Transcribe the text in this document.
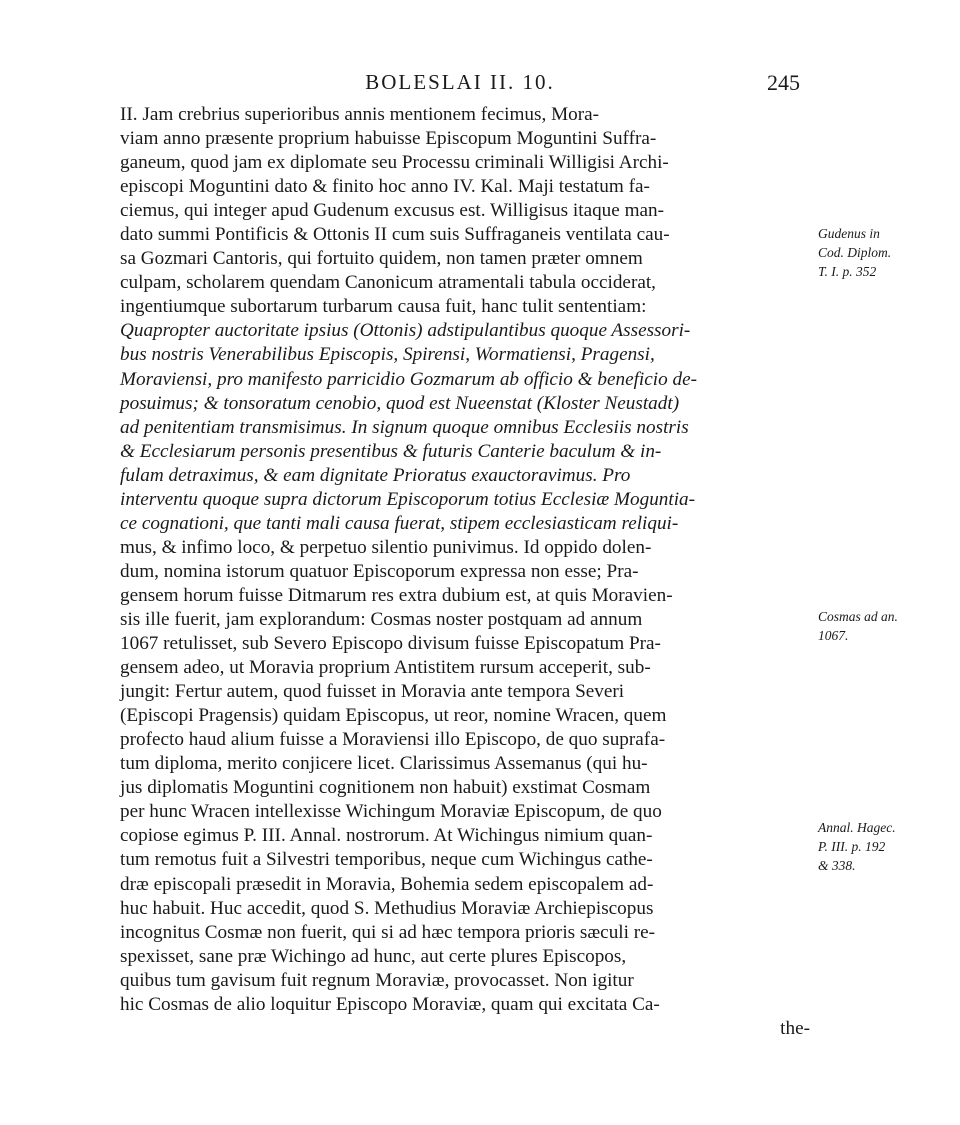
BOLESLAI II. 10.	245
II. Jam crebrius superioribus annis mentionem fecimus, Mora-
viam anno præsente proprium habuisse Episcopum Moguntini Suffra-
ganeum, quod jam ex diplomate seu Processu criminali Willigisi Archi-
episcopi Moguntini dato & finito hoc anno IV. Kal. Maji testatum fa-
ciemus, qui integer apud Gudenum excusus est. Willigisus itaque man-
dato summi Pontificis & Ottonis II cum suis Suffraganeis ventilata cau-
sa Gozmari Cantoris, qui fortuito quidem, non tamen præter omnem
culpam, scholarem quendam Canonicum atramentali tabula occiderat,
ingentiumque subortarum turbarum causa fuit, hanc tulit sententiam:
Quapropter auctoritate ipsius (Ottonis) adstipulantibus quoque Assessori-
bus nostris Venerabilibus Episcopis, Spirensi, Wormatiensi, Pragensi,
Moraviensi, pro manifesto parricidio Gozmarum ab officio & beneficio de-
posuimus; & tonsoratum cenobio, quod est Nueenstat (Kloster Neustadt)
ad penitentiam transmisimus. In signum quoque omnibus Ecclesiis nostris
& Ecclesiarum personis presentibus & futuris Canterie baculum & in-
fulam detraximus, & eam dignitate Prioratus exauctoravimus. Pro
interventu quoque supra dictorum Episcoporum totius Ecclesiæ Moguntia-
ce cognationi, que tanti mali causa fuerat, stipem ecclesiasticam reliqui-
mus, & infimo loco, & perpetuo silentio punivimus. Id oppido dolen-
dum, nomina istorum quatuor Episcoporum expressa non esse; Pra-
gensem horum fuisse Ditmarum res extra dubium est, at quis Moravien-
sis ille fuerit, jam explorandum: Cosmas noster postquam ad annum
1067 retulisset, sub Severo Episcopo divisum fuisse Episcopatum Pra-
gensem adeo, ut Moravia proprium Antistitem rursum acceperit, sub-
jungit: Fertur autem, quod fuisset in Moravia ante tempora Severi
(Episcopi Pragensis) quidam Episcopus, ut reor, nomine Wracen, quem
profecto haud alium fuisse a Moraviensi illo Episcopo, de quo suprafa-
tum diploma, merito conjicere licet. Clarissimus Assemanus (qui hu-
jus diplomatis Moguntini cognitionem non habuit) exstimat Cosmam
per hunc Wracen intellexisse Wichingum Moraviæ Episcopum, de quo
copiose egimus P. III. Annal. nostrorum. At Wichingus nimium quan-
tum remotus fuit a Silvestri temporibus, neque cum Wichingus cathe-
dræ episcopali præsedit in Moravia, Bohemia sedem episcopalem ad-
huc habuit. Huc accedit, quod S. Methudius Moraviæ Archiepiscopus
incognitus Cosmæ non fuerit, qui si ad hæc tempora prioris sæculi re-
spexisset, sane præ Wichingo ad hunc, aut certe plures Episcopos,
quibus tum gavisum fuit regnum Moraviæ, provocasset. Non igitur
hic Cosmas de alio loquitur Episcopo Moraviæ, quam qui excitata Ca-
the-
Gudenus in
Cod. Diplom.
T. I. p. 352
Cosmas ad an.
1067.
Annal. Hagec.
P. III. p. 192
& 338.
